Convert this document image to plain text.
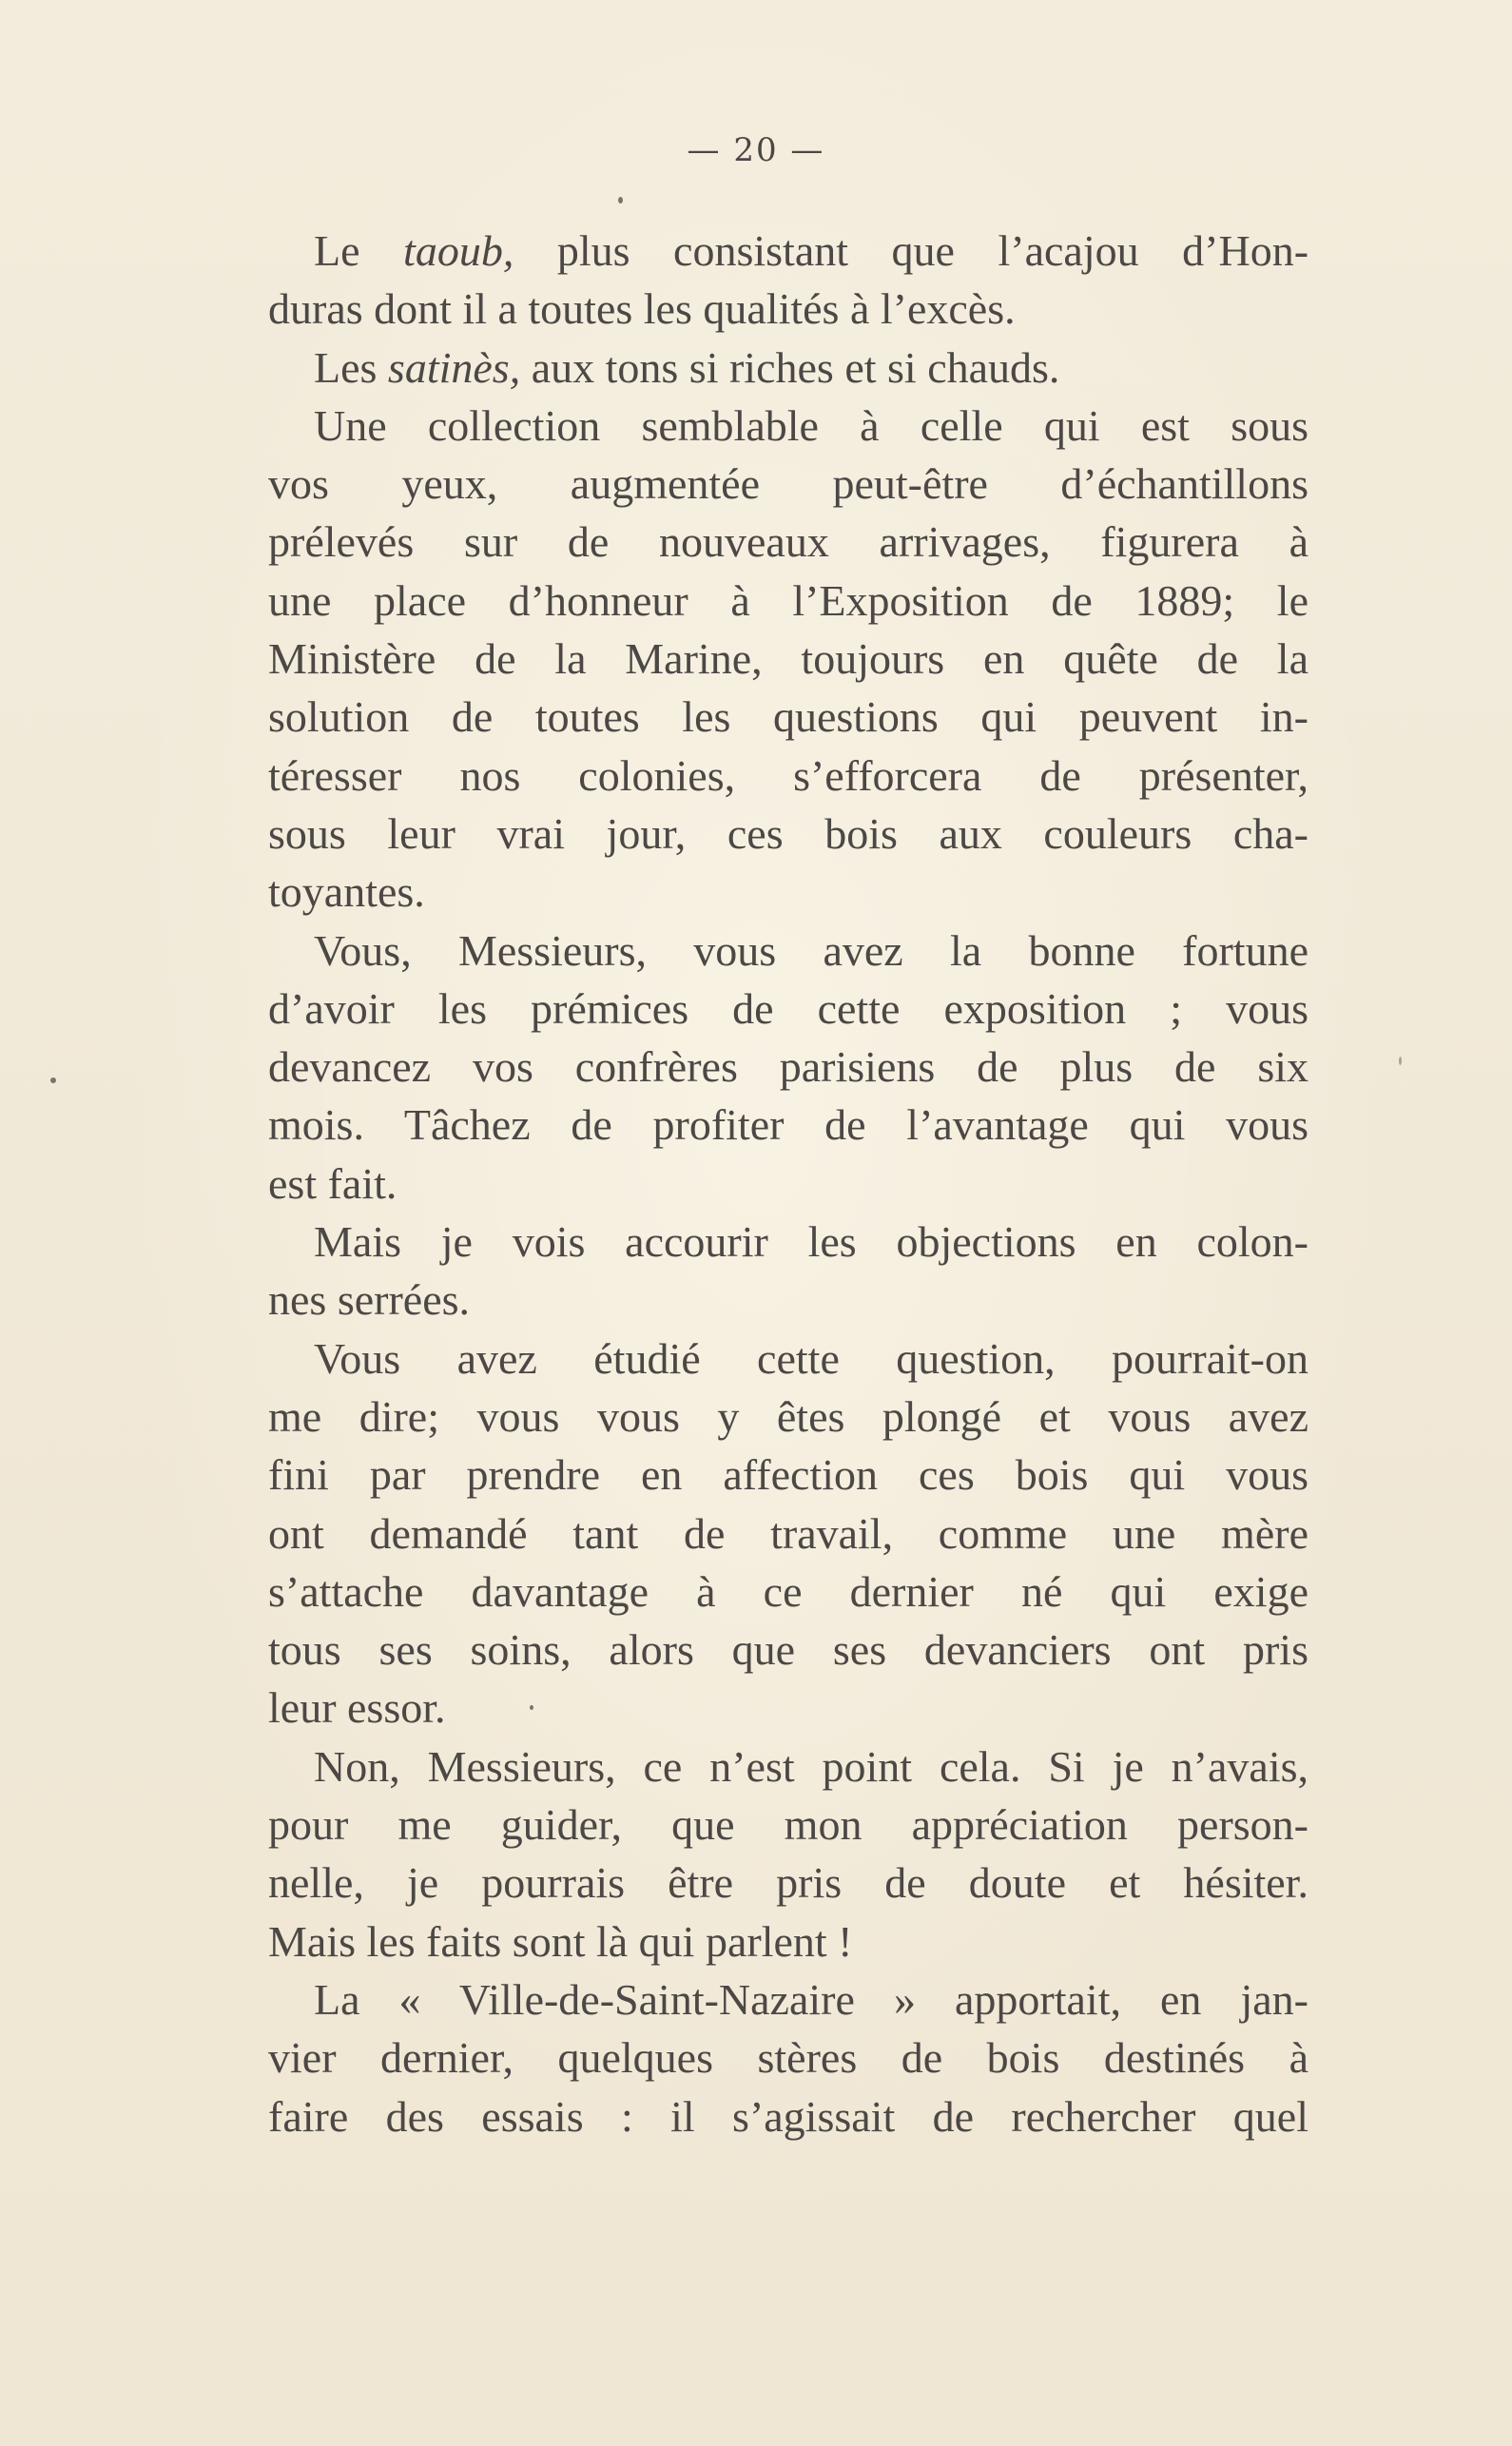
— 20 —
Le taoub, plus consistant que l’acajou d’Hon-
duras dont il a toutes les qualités à l’excès.
Les satinès, aux tons si riches et si chauds.
Une collection semblable à celle qui est sous
vos yeux, augmentée peut-être d’échantillons
prélevés sur de nouveaux arrivages, figurera à
une place d’honneur à l’Exposition de 1889; le
Ministère de la Marine, toujours en quête de la
solution de toutes les questions qui peuvent in-
téresser nos colonies, s’efforcera de présenter,
sous leur vrai jour, ces bois aux couleurs cha-
toyantes.
Vous, Messieurs, vous avez la bonne fortune
d’avoir les prémices de cette exposition ; vous
devancez vos confrères parisiens de plus de six
mois. Tâchez de profiter de l’avantage qui vous
est fait.
Mais je vois accourir les objections en colon-
nes serrées.
Vous avez étudié cette question, pourrait-on
me dire; vous vous y êtes plongé et vous avez
fini par prendre en affection ces bois qui vous
ont demandé tant de travail, comme une mère
s’attache davantage à ce dernier né qui exige
tous ses soins, alors que ses devanciers ont pris
leur essor.
Non, Messieurs, ce n’est point cela. Si je n’avais,
pour me guider, que mon appréciation person-
nelle, je pourrais être pris de doute et hésiter.
Mais les faits sont là qui parlent !
La « Ville-de-Saint-Nazaire » apportait, en jan-
vier dernier, quelques stères de bois destinés à
faire des essais : il s’agissait de rechercher quel
